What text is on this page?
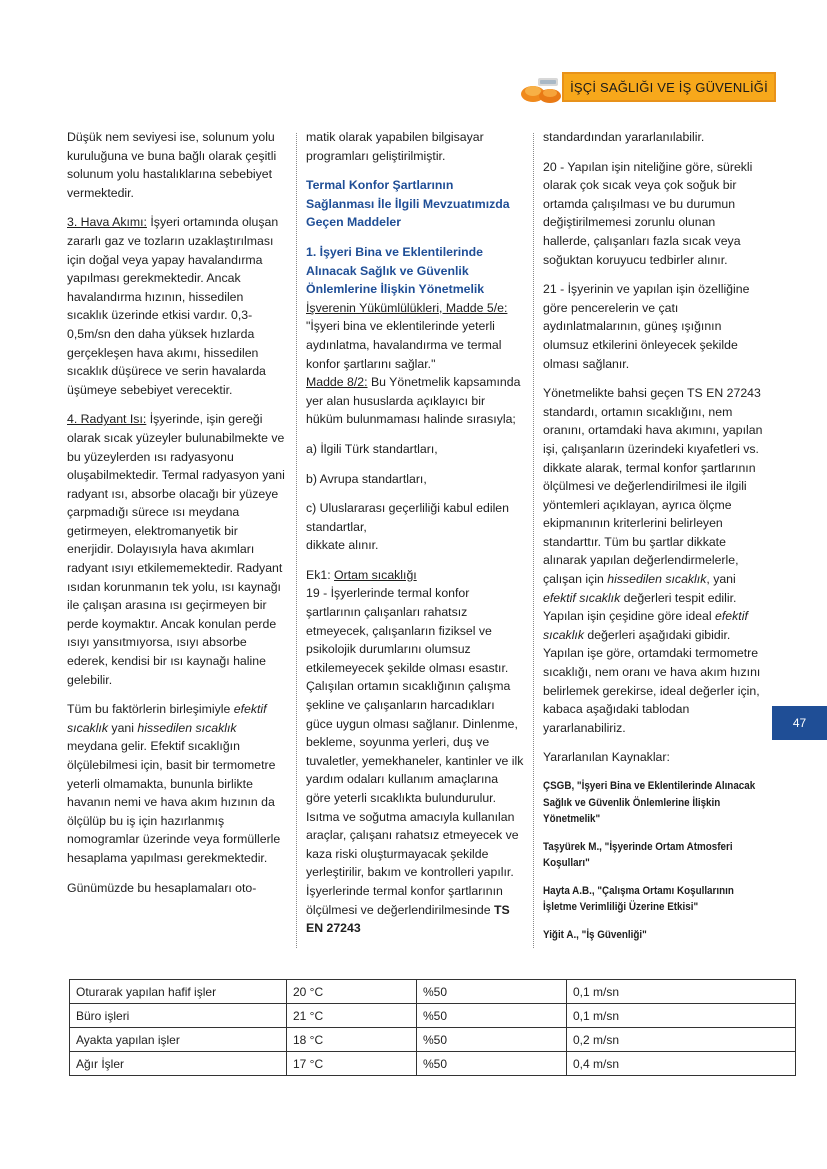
İŞÇİ SAĞLIĞI VE İŞ GÜVENLİĞİ

Düşük nem seviyesi ise, solunum yolu kuruluğuna ve buna bağlı olarak çeşitli solunum yolu hastalıklarına sebebiyet vermektedir.

3. Hava Akımı: İşyeri ortamında oluşan zararlı gaz ve tozların uzaklaştırılması için doğal veya yapay havalandırma yapılması gerekmektedir. Ancak havalandırma hızının, hissedilen sıcaklık üzerinde etkisi vardır. 0,3-0,5m/sn den daha yüksek hızlarda gerçekleşen hava akımı, hissedilen sıcaklık düşürece ve serin havalarda üşümeye sebebiyet verecektir.

4. Radyant Isı: İşyerinde, işin gereği olarak sıcak yüzeyler bulunabilmekte ve bu yüzeylerden ısı radyasyonu oluşabilmektedir. Termal radyasyon yani radyant ısı, absorbe olacağı bir yüzeye çarpmadığı sürece ısı meydana getirmeyen, elektromanyetik bir enerjidir. Dolayısıyla hava akımları radyant ısıyı etkilememektedir. Radyant ısıdan korunmanın tek yolu, ısı kaynağı ile çalışan arasına ısı geçirmeyen bir perde koymaktır. Ancak konulan perde ısıyı yansıtmıyorsa, ısıyı absorbe ederek, kendisi bir ısı kaynağı haline gelebilir.

Tüm bu faktörlerin birleşimiyle efektif sıcaklık yani hissedilen sıcaklık meydana gelir. Efektif sıcaklığın ölçülebilmesi için, basit bir termometre yeterli olmamakta, bununla birlikte havanın nemi ve hava akım hızının da ölçülüp bu iş için hazırlanmış nomogramlar üzerinde veya formüllerle hesaplama yapılması gerekmektedir.

Günümüzde bu hesaplamaları oto-

matik olarak yapabilen bilgisayar programları geliştirilmiştir.

Termal Konfor Şartlarının Sağlanması İle İlgili Mevzuatımızda Geçen Maddeler

1. İşyeri Bina ve Eklentilerinde Alınacak Sağlık ve Güvenlik Önlemlerine İlişkin Yönetmelik
İşverenin Yükümlülükleri, Madde 5/e: "İşyeri bina ve eklentilerinde yeterli aydınlatma, havalandırma ve termal konfor şartlarını sağlar."

Madde 8/2: Bu Yönetmelik kapsamında yer alan hususlarda açıklayıcı bir hüküm bulunmaması halinde sırasıyla;

a) İlgili Türk standartları,

b) Avrupa standartları,

c) Uluslararası geçerliliği kabul edilen standartlar,
dikkate alınır.

Ek1: Ortam sıcaklığı
19 - İşyerlerinde termal konfor şartlarının çalışanları rahatsız etmeyecek, çalışanların fiziksel ve psikolojik durumlarını olumsuz etkilemeyecek şekilde olması esastır. Çalışılan ortamın sıcaklığının çalışma şekline ve çalışanların harcadıkları güce uygun olması sağlanır. Dinlenme, bekleme, soyunma yerleri, duş ve tuvaletler, yemekhaneler, kantinler ve ilk yardım odaları kullanım amaçlarına göre yeterli sıcaklıkta bulundurulur. Isıtma ve soğutma amacıyla kullanılan araçlar, çalışanı rahatsız etmeyecek ve kaza riski oluşturmayacak şekilde yerleştirilir, bakım ve kontrolleri yapılır. İşyerlerinde termal konfor şartlarının ölçülmesi ve değerlendirilmesinde TS EN 27243

standardından yararlanılabilir.

20 - Yapılan işin niteliğine göre, sürekli olarak çok sıcak veya çok soğuk bir ortamda çalışılması ve bu durumun değiştirilmemesi zorunlu olunan hallerde, çalışanları fazla sıcak veya soğuktan koruyucu tedbirler alınır.

21 - İşyerinin ve yapılan işin özelliğine göre pencerelerin ve çatı aydınlatmalarının, güneş ışığının olumsuz etkilerini önleyecek şekilde olması sağlanır.

Yönetmelikte bahsi geçen TS EN 27243 standardı, ortamın sıcaklığını, nem oranını, ortamdaki hava akımını, yapılan işi, çalışanların üzerindeki kıyafetleri vs. dikkate alarak, termal konfor şartlarının ölçülmesi ve değerlendirilmesi ile ilgili yöntemleri açıklayan, ayrıca ölçme ekipmanının kriterlerini belirleyen standarttır. Tüm bu şartlar dikkate alınarak yapılan değerlendirmelerle, çalışan için hissedilen sıcaklık, yani efektif sıcaklık değerleri tespit edilir. Yapılan işin çeşidine göre ideal efektif sıcaklık değerleri aşağıdaki gibidir. Yapılan işe göre, ortamdaki termometre sıcaklığı, nem oranı ve hava akım hızını belirlemek gerekirse, ideal değerler için, kabaca aşağıdaki tablodan yararlanabiliriz.

Yararlanılan Kaynaklar:

ÇSGB, "İşyeri Bina ve Eklentilerinde Alınacak Sağlık ve Güvenlik Önlemlerine İlişkin Yönetmelik"

Taşyürek M., "İşyerinde Ortam Atmosferi Koşulları"

Hayta A.B., "Çalışma Ortamı Koşullarının İşletme Verimliliği Üzerine Etkisi"

Yiğit A., "İş Güvenliği"

47
Oturarak yapılan hafif işler	20 °C	%50	0,1 m/sn
Büro işleri	21 °C	%50	0,1 m/sn
Ayakta yapılan işler	18 °C	%50	0,2 m/sn
Ağır İşler	17 °C	%50	0,4 m/sn
